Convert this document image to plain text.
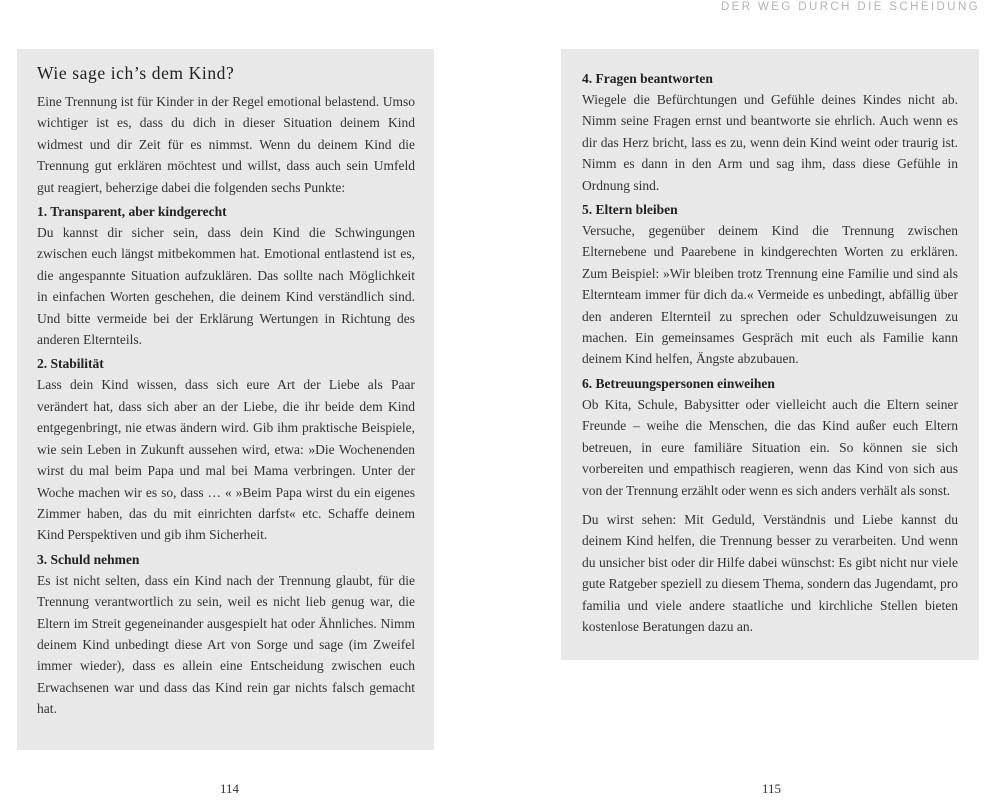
DER WEG DURCH DIE SCHEIDUNG
Wie sage ich’s dem Kind?

Eine Trennung ist für Kinder in der Regel emotional belastend. Umso wichtiger ist es, dass du dich in dieser Situation deinem Kind widmest und dir Zeit für es nimmst. Wenn du deinem Kind die Trennung gut erklären möchtest und willst, dass auch sein Umfeld gut reagiert, beherzige dabei die folgenden sechs Punkte:

1. Transparent, aber kindgerecht

Du kannst dir sicher sein, dass dein Kind die Schwingungen zwischen euch längst mitbekommen hat. Emotional entlastend ist es, die angespannte Situation aufzuklären. Das sollte nach Möglichkeit in einfachen Worten geschehen, die deinem Kind verständlich sind. Und bitte vermeide bei der Erklärung Wertungen in Richtung des anderen Elternteils.

2. Stabilität

Lass dein Kind wissen, dass sich eure Art der Liebe als Paar verändert hat, dass sich aber an der Liebe, die ihr beide dem Kind entgegenbringt, nie etwas ändern wird. Gib ihm praktische Beispiele, wie sein Leben in Zukunft aussehen wird, etwa: »Die Wochenenden wirst du mal beim Papa und mal bei Mama verbringen. Unter der Woche machen wir es so, dass … « »Beim Papa wirst du ein eigenes Zimmer haben, das du mit einrichten darfst« etc. Schaffe deinem Kind Perspektiven und gib ihm Sicherheit.

3. Schuld nehmen

Es ist nicht selten, dass ein Kind nach der Trennung glaubt, für die Trennung verantwortlich zu sein, weil es nicht lieb genug war, die Eltern im Streit gegeneinander ausgespielt hat oder Ähnliches. Nimm deinem Kind unbedingt diese Art von Sorge und sage (im Zweifel immer wieder), dass es allein eine Entscheidung zwischen euch Erwachsenen war und dass das Kind rein gar nichts falsch gemacht hat.

4. Fragen beantworten

Wiegele die Befürchtungen und Gefühle deines Kindes nicht ab. Nimm seine Fragen ernst und beantworte sie ehrlich. Auch wenn es dir das Herz bricht, lass es zu, wenn dein Kind weint oder traurig ist. Nimm es dann in den Arm und sag ihm, dass diese Gefühle in Ordnung sind.

5. Eltern bleiben

Versuche, gegenüber deinem Kind die Trennung zwischen Elternebene und Paarebene in kindgerechten Worten zu erklären. Zum Beispiel: »Wir bleiben trotz Trennung eine Familie und sind als Elternteam immer für dich da.« Vermeide es unbedingt, abfällig über den anderen Elternteil zu sprechen oder Schuldzuweisungen zu machen. Ein gemeinsames Gespräch mit euch als Familie kann deinem Kind helfen, Ängste abzubauen.

6. Betreuungspersonen einweihen

Ob Kita, Schule, Babysitter oder vielleicht auch die Eltern seiner Freunde – weihe die Menschen, die das Kind außer euch Eltern betreuen, in eure familiäre Situation ein. So können sie sich vorbereiten und empathisch reagieren, wenn das Kind von sich aus von der Trennung erzählt oder wenn es sich anders verhält als sonst.

Du wirst sehen: Mit Geduld, Verständnis und Liebe kannst du deinem Kind helfen, die Trennung besser zu verarbeiten. Und wenn du unsicher bist oder dir Hilfe dabei wünschst: Es gibt nicht nur viele gute Ratgeber speziell zu diesem Thema, sondern das Jugendamt, pro familia und viele andere staatliche und kirchliche Stellen bieten kostenlose Beratungen dazu an.

114	115
